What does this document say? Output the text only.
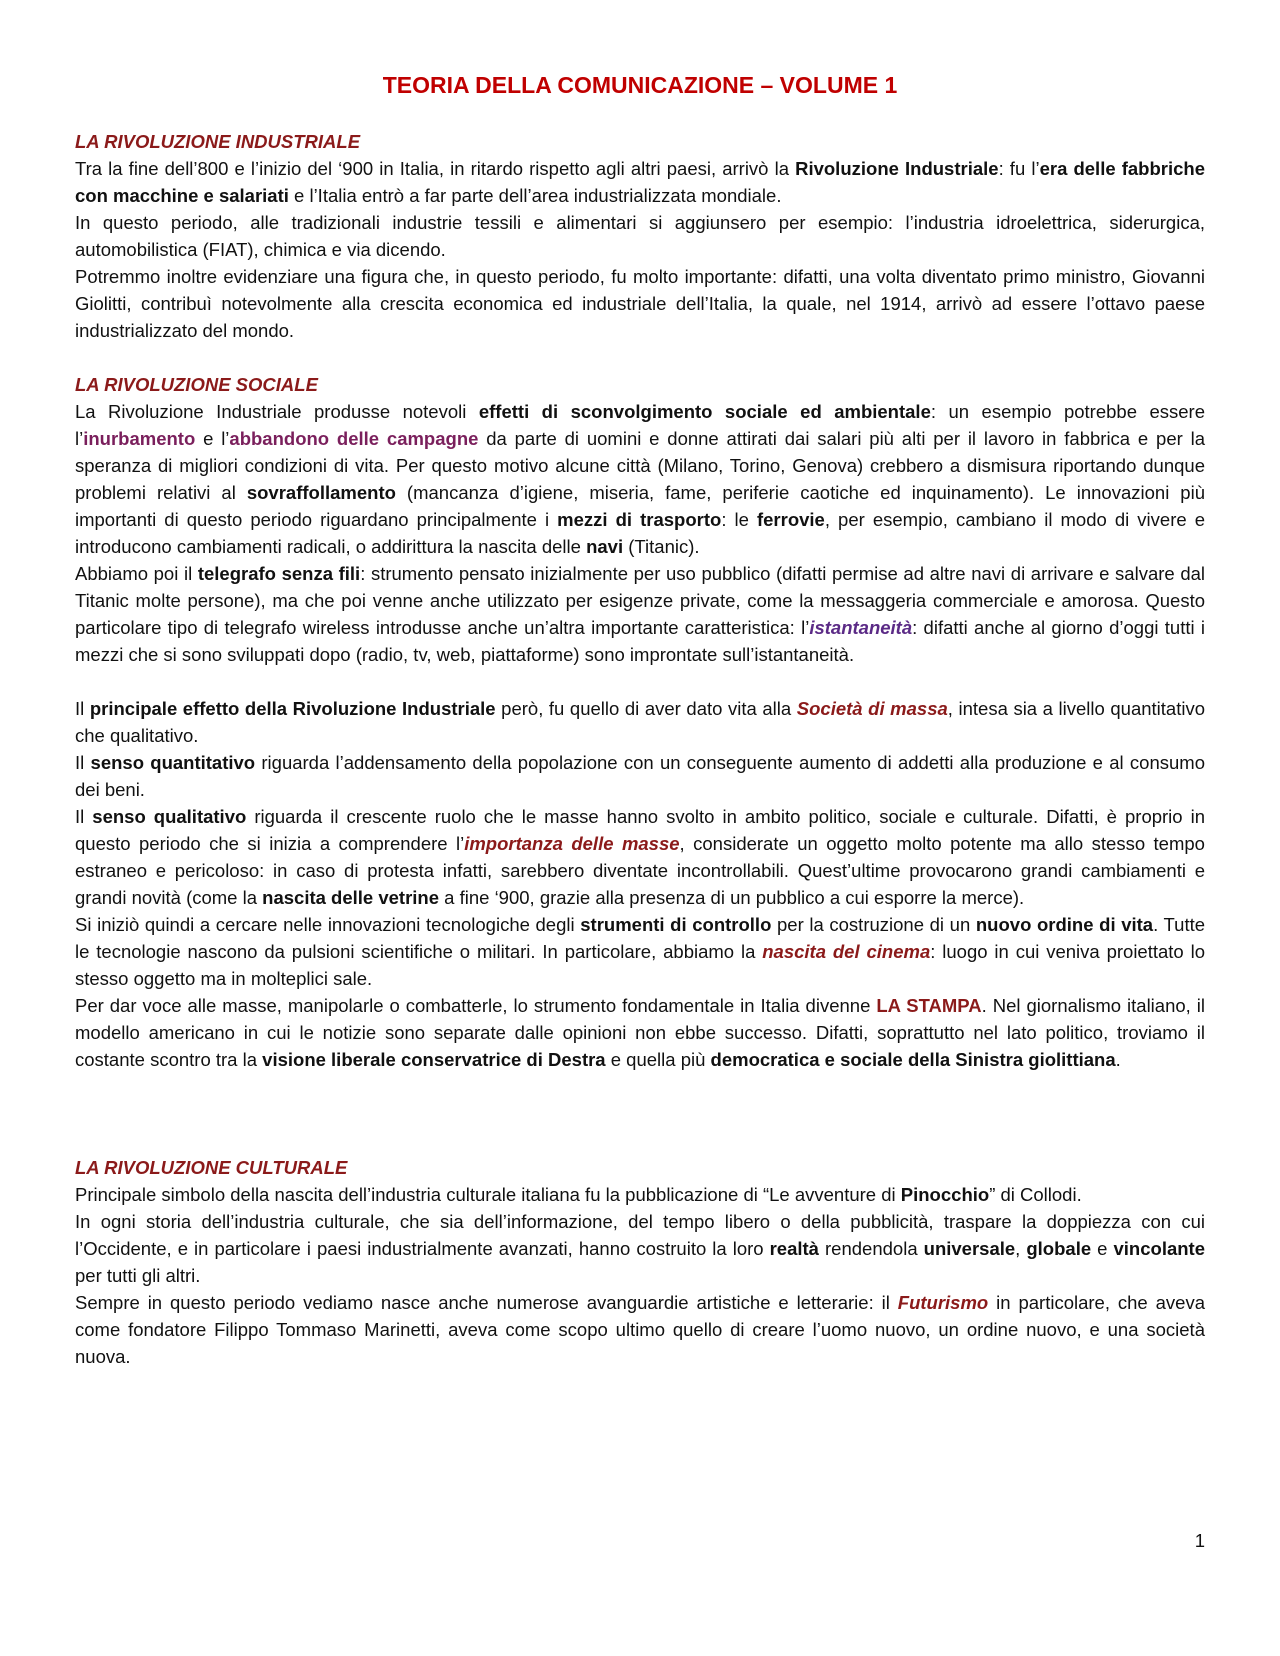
TEORIA DELLA COMUNICAZIONE – VOLUME 1
LA RIVOLUZIONE INDUSTRIALE

Tra la fine dell’800 e l’inizio del ‘900 in Italia, in ritardo rispetto agli altri paesi, arrivò la Rivoluzione Industriale: fu l’era delle fabbriche con macchine e salariati e l’Italia entrò a far parte dell’area industrializzata mondiale.

In questo periodo, alle tradizionali industrie tessili e alimentari si aggiunsero per esempio: l’industria idroelettrica, siderurgica, automobilistica (FIAT), chimica e via dicendo.

Potremmo inoltre evidenziare una figura che, in questo periodo, fu molto importante: difatti, una volta diventato primo ministro, Giovanni Giolitti, contribuì notevolmente alla crescita economica ed industriale dell’Italia, la quale, nel 1914, arrivò ad essere l’ottavo paese industrializzato del mondo.

LA RIVOLUZIONE SOCIALE

La Rivoluzione Industriale produsse notevoli effetti di sconvolgimento sociale ed ambientale: un esempio potrebbe essere l’inurbamento e l’abbandono delle campagne da parte di uomini e donne attirati dai salari più alti per il lavoro in fabbrica e per la speranza di migliori condizioni di vita. Per questo motivo alcune città (Milano, Torino, Genova) crebbero a dismisura riportando dunque problemi relativi al sovraffollamento (mancanza d’igiene, miseria, fame, periferie caotiche ed inquinamento). Le innovazioni più importanti di questo periodo riguardano principalmente i mezzi di trasporto: le ferrovie, per esempio, cambiano il modo di vivere e introducono cambiamenti radicali, o addirittura la nascita delle navi (Titanic).

Abbiamo poi il telegrafo senza fili: strumento pensato inizialmente per uso pubblico (difatti permise ad altre navi di arrivare e salvare dal Titanic molte persone), ma che poi venne anche utilizzato per esigenze private, come la messaggeria commerciale e amorosa. Questo particolare tipo di telegrafo wireless introdusse anche un’altra importante caratteristica: l’istantaneità: difatti anche al giorno d’oggi tutti i mezzi che si sono sviluppati dopo (radio, tv, web, piattaforme) sono improntate sull’istantaneità.

Il principale effetto della Rivoluzione Industriale però, fu quello di aver dato vita alla Società di massa, intesa sia a livello quantitativo che qualitativo.

Il senso quantitativo riguarda l’addensamento della popolazione con un conseguente aumento di addetti alla produzione e al consumo dei beni.

Il senso qualitativo riguarda il crescente ruolo che le masse hanno svolto in ambito politico, sociale e culturale. Difatti, è proprio in questo periodo che si inizia a comprendere l’importanza delle masse, considerate un oggetto molto potente ma allo stesso tempo estraneo e pericoloso: in caso di protesta infatti, sarebbero diventate incontrollabili. Quest’ultime provocarono grandi cambiamenti e grandi novità (come la nascita delle vetrine a fine ‘900, grazie alla presenza di un pubblico a cui esporre la merce).

Si iniziò quindi a cercare nelle innovazioni tecnologiche degli strumenti di controllo per la costruzione di un nuovo ordine di vita. Tutte le tecnologie nascono da pulsioni scientifiche o militari. In particolare, abbiamo la nascita del cinema: luogo in cui veniva proiettato lo stesso oggetto ma in molteplici sale.

Per dar voce alle masse, manipolarle o combatterle, lo strumento fondamentale in Italia divenne LA STAMPA. Nel giornalismo italiano, il modello americano in cui le notizie sono separate dalle opinioni non ebbe successo. Difatti, soprattutto nel lato politico, troviamo il costante scontro tra la visione liberale conservatrice di Destra e quella più democratica e sociale della Sinistra giolittiana.

LA RIVOLUZIONE CULTURALE

Principale simbolo della nascita dell’industria culturale italiana fu la pubblicazione di “Le avventure di Pinocchio” di Collodi.

In ogni storia dell’industria culturale, che sia dell’informazione, del tempo libero o della pubblicità, traspare la doppiezza con cui l’Occidente, e in particolare i paesi industrialmente avanzati, hanno costruito la loro realtà rendendola universale, globale e vincolante per tutti gli altri.

Sempre in questo periodo vediamo nasce anche numerose avanguardie artistiche e letterarie: il Futurismo in particolare, che aveva come fondatore Filippo Tommaso Marinetti, aveva come scopo ultimo quello di creare l’uomo nuovo, un ordine nuovo, e una società nuova.

1
